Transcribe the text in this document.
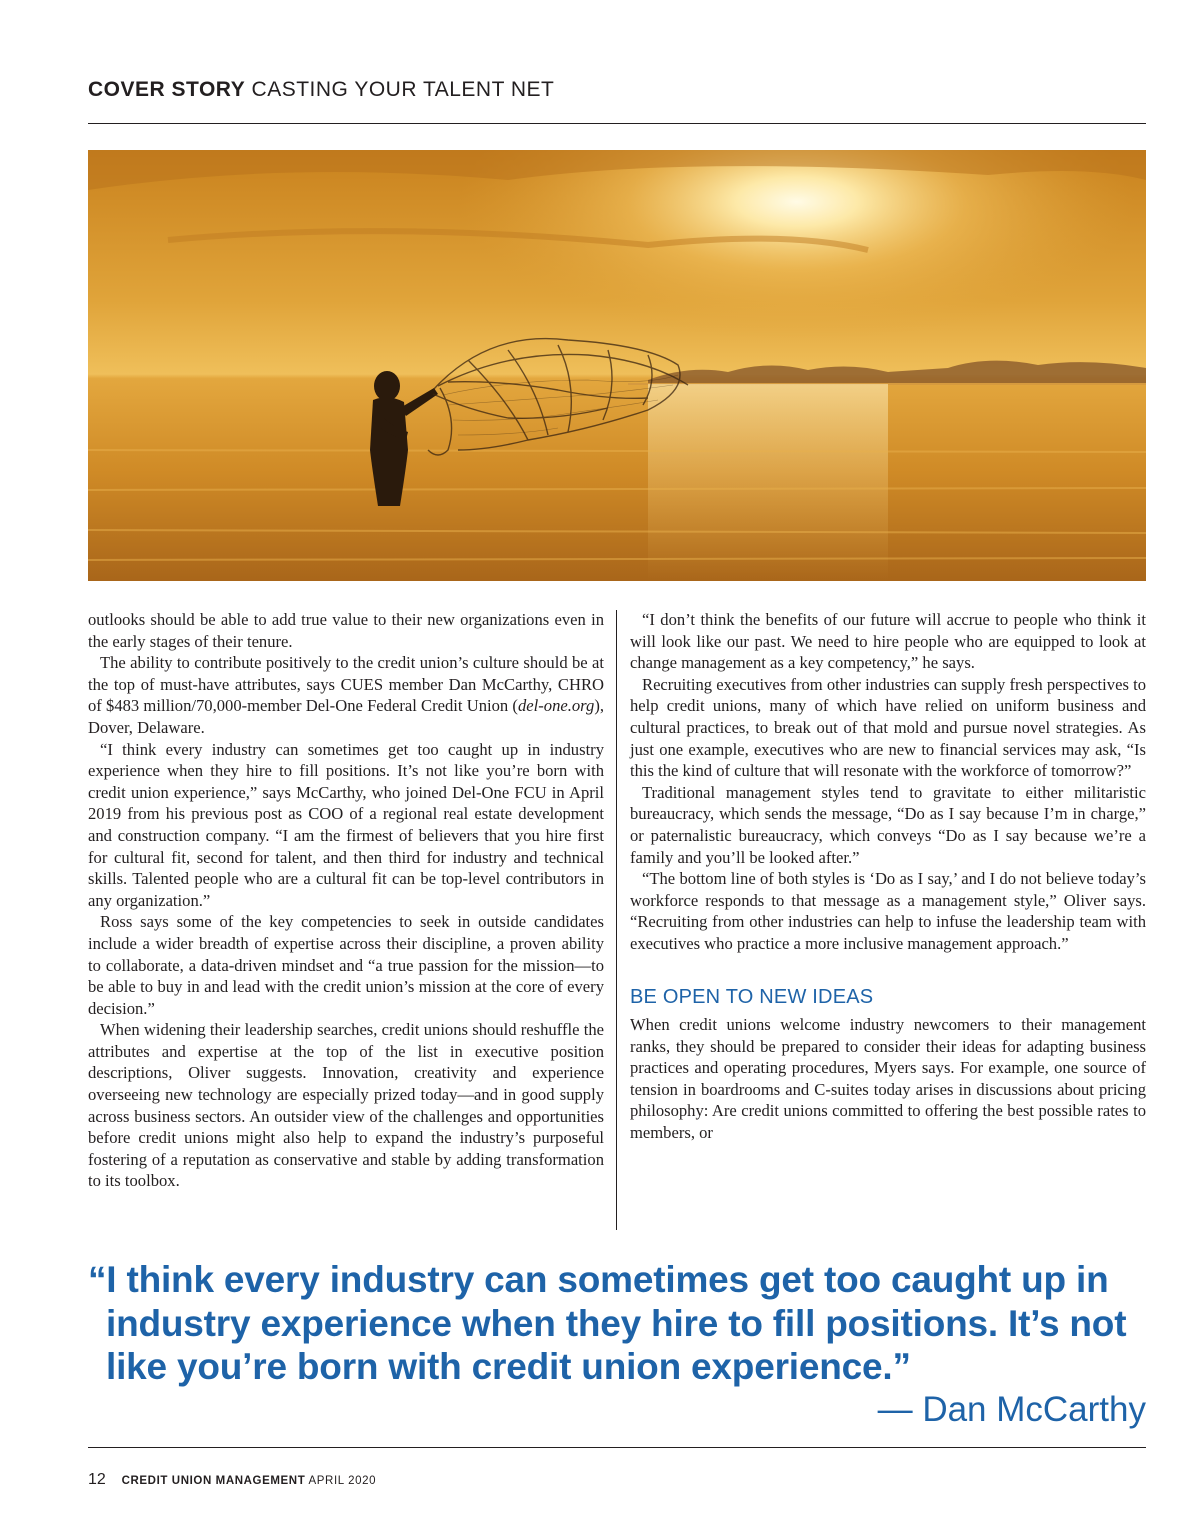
COVER STORY CASTING YOUR TALENT NET

outlooks should be able to add true value to their new organizations even in the early stages of their tenure.

The ability to contribute positively to the credit union’s culture should be at the top of must-have attributes, says CUES member Dan McCarthy, CHRO of $483 million/70,000-member Del-One Federal Credit Union (del-one.org), Dover, Delaware.

“I think every industry can sometimes get too caught up in industry experience when they hire to fill positions. It’s not like you’re born with credit union experience,” says McCarthy, who joined Del-One FCU in April 2019 from his previous post as COO of a regional real estate development and construction company. “I am the firmest of believers that you hire first for cultural fit, second for talent, and then third for industry and technical skills. Talented people who are a cultural fit can be top-level contributors in any organization.”

Ross says some of the key competencies to seek in outside candidates include a wider breadth of expertise across their discipline, a proven ability to collaborate, a data-driven mindset and “a true passion for the mission—to be able to buy in and lead with the credit union’s mission at the core of every decision.”

When widening their leadership searches, credit unions should reshuffle the attributes and expertise at the top of the list in executive position descriptions, Oliver suggests. Innovation, creativity and experience overseeing new technology are especially prized today—and in good supply across business sectors. An outsider view of the challenges and opportunities before credit unions might also help to expand the industry’s purposeful fostering of a reputation as conservative and stable by adding transformation to its toolbox.

“I don’t think the benefits of our future will accrue to people who think it will look like our past. We need to hire people who are equipped to look at change management as a key competency,” he says.

Recruiting executives from other industries can supply fresh perspectives to help credit unions, many of which have relied on uniform business and cultural practices, to break out of that mold and pursue novel strategies. As just one example, executives who are new to financial services may ask, “Is this the kind of culture that will resonate with the workforce of tomorrow?”

Traditional management styles tend to gravitate to either militaristic bureaucracy, which sends the message, “Do as I say because I’m in charge,” or paternalistic bureaucracy, which conveys “Do as I say because we’re a family and you’ll be looked after.”

“The bottom line of both styles is ‘Do as I say,’ and I do not believe today’s workforce responds to that message as a management style,” Oliver says. “Recruiting from other industries can help to infuse the leadership team with executives who practice a more inclusive management approach.”

BE OPEN TO NEW IDEAS

When credit unions welcome industry newcomers to their management ranks, they should be prepared to consider their ideas for adapting business practices and operating procedures, Myers says. For example, one source of tension in boardrooms and C-suites today arises in discussions about pricing philosophy: Are credit unions committed to offering the best possible rates to members, or

“I think every industry can sometimes get too caught up in industry experience when they hire to fill positions. It’s not like you’re born with credit union experience.”
— Dan McCarthy
12 CREDIT UNION MANAGEMENT APRIL 2020
